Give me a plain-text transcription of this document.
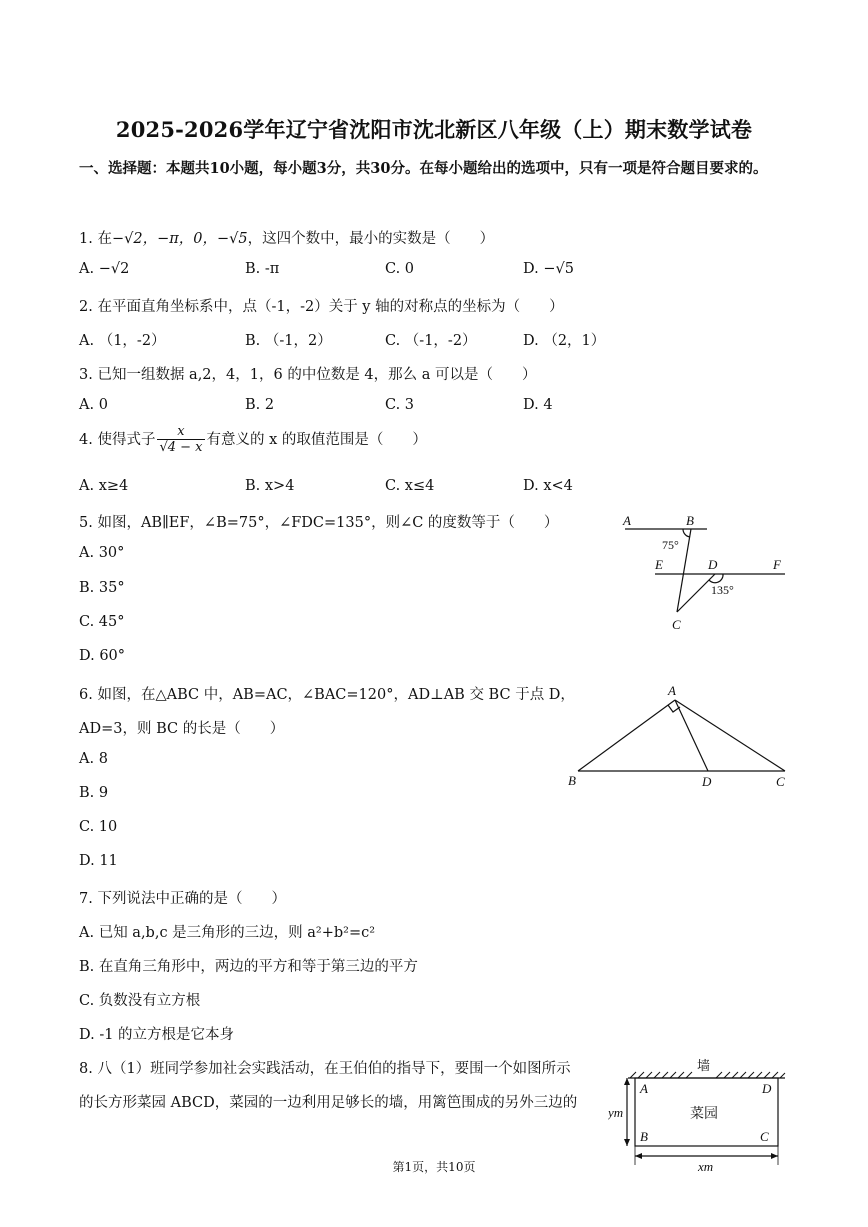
2025-2026学年辽宁省沈阳市沈北新区八年级（上）期末数学试卷
一、选择题：本题共10小题，每小题3分，共30分。在每小题给出的选项中，只有一项是符合题目要求的。
1. 在−√2，−π，0，−√5，这四个数中，最小的实数是（　　）
A. −√2	B. -π	C. 0	D. −√5
2. 在平面直角坐标系中，点（-1，-2）关于 y 轴的对称点的坐标为（　　）
A. （1，-2）	B. （-1，2）	C. （-1，-2）	D. （2，1）
3. 已知一组数据 a,2，4，1，6 的中位数是 4，那么 a 可以是（　　）
A. 0	B. 2	C. 3	D. 4
4. 使得式子 $\frac{x}{√4 - x}$ 有意义的 x 的取值范围是（　　）
A. x≥4	B. x>4	C. x≤4	D. x<4
5. 如图，AB∥EF，∠B=75°，∠FDC=135°，则∠C 的度数等于（　　）
A. 30°
B. 35°
C. 45°
D. 60°
A	B
E	D	F
C
75°
135°
6. 如图，在△ABC 中，AB=AC，∠BAC=120°，AD⊥AB 交 BC 于点 D，
AD=3，则 BC 的长是（　　）
A. 8
B. 9
C. 10
D. 11
A
B	D	C
7. 下列说法中正确的是（　　）
A. 已知 a,b,c 是三角形的三边，则 a²+b²=c²
B. 在直角三角形中，两边的平方和等于第三边的平方
C. 负数没有立方根
D. -1 的立方根是它本身
8. 八（1）班同学参加社会实践活动，在王伯伯的指导下，要围一个如图所示
的长方形菜园 ABCD，菜园的一边利用足够长的墙，用篱笆围成的另外三边的
墙
菜园
A	D
B	C
ym
xm
第1页，共10页
